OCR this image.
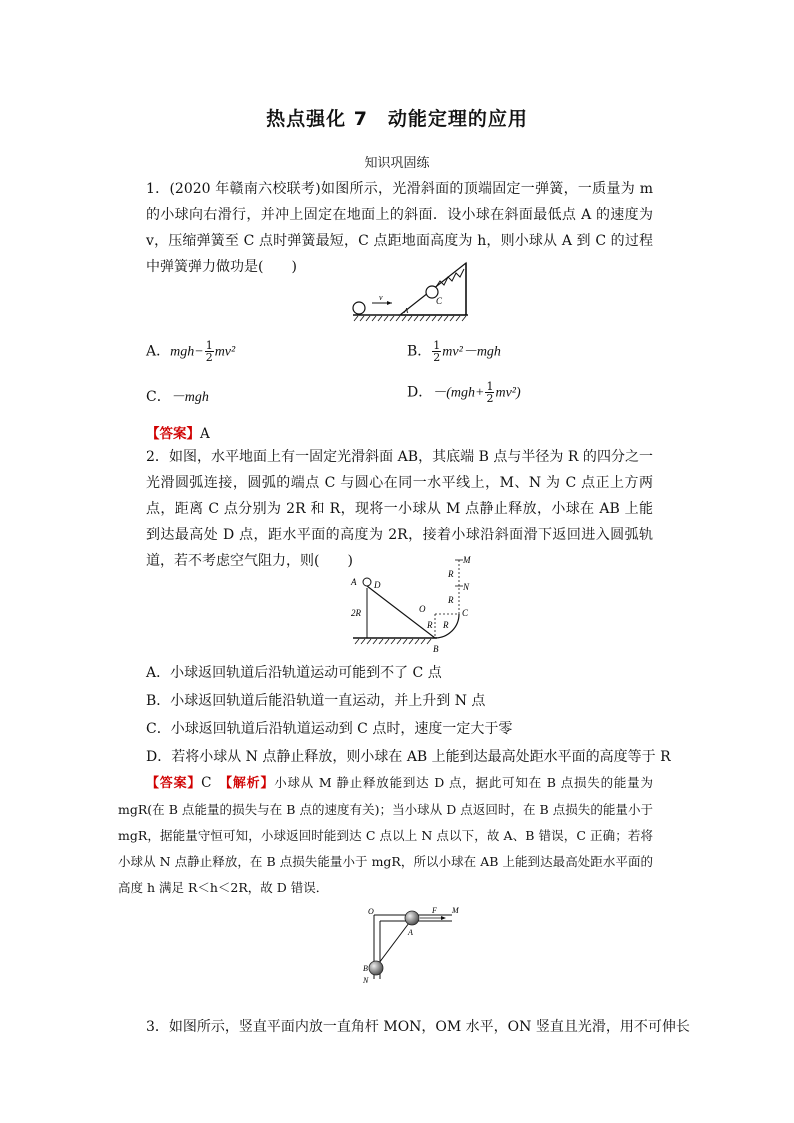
热点强化 7　动能定理的应用
知识巩固练
1．(2020 年赣南六校联考)如图所示，光滑斜面的顶端固定一弹簧，一质量为 m 的小球向右滑行，并冲上固定在地面上的斜面．设小球在斜面最低点 A 的速度为 v，压缩弹簧至 C 点时弹簧最短，C 点距地面高度为 h，则小球从 A 到 C 的过程中弹簧弹力做功是(　　)
v	C
A
A．$mgh- \frac{1}{2} mv^2$	B． $\frac{1}{2} mv^2-mgh$
C．－mgh	D．$-(mgh+ \frac{1}{2} mv^2)$
【答案】A
2．如图，水平地面上有一固定光滑斜面 AB，其底端 B 点与半径为 R 的四分之一光滑圆弧连接，圆弧的端点 C 与圆心在同一水平线上，M、N 为 C 点正上方两点，距离 C 点分别为 2R 和 R，现将一小球从 M 点静止释放，小球在 AB 上能到达最高处 D 点，距水平面的高度为 2R，接着小球沿斜面滑下返回进入圆弧轨道，若不考虑空气阻力，则(　　)
A D
2R	O
B
C
M
N
R
R
R
R
A．小球返回轨道后沿轨道运动可能到不了 C 点
B．小球返回轨道后能沿轨道一直运动，并上升到 N 点
C．小球返回轨道后沿轨道运动到 C 点时，速度一定大于零
D．若将小球从 N 点静止释放，则小球在 AB 上能到达最高处距水平面的高度等于 R
【答案】C　 【解析】小球从 M 静止释放能到达 D 点，据此可知在 B 点损失的能量为 mgR(在 B 点能量的损失与在 B 点的速度有关)；当小球从 D 点返回时，在 B 点损失的能量小于 mgR，据能量守恒可知，小球返回时能到达 C 点以上 N 点以下，故 A、B 错误，C 正确；若将小球从 N 点静止释放，在 B 点损失能量小于 mgR，所以小球在 AB 上能到达最高处距水平面的高度 h 满足 R＜h＜2R，故 D 错误．
O	F M
A
B
N
3．如图所示，竖直平面内放一直角杆 MON，OM 水平，ON 竖直且光滑，用不可伸长
